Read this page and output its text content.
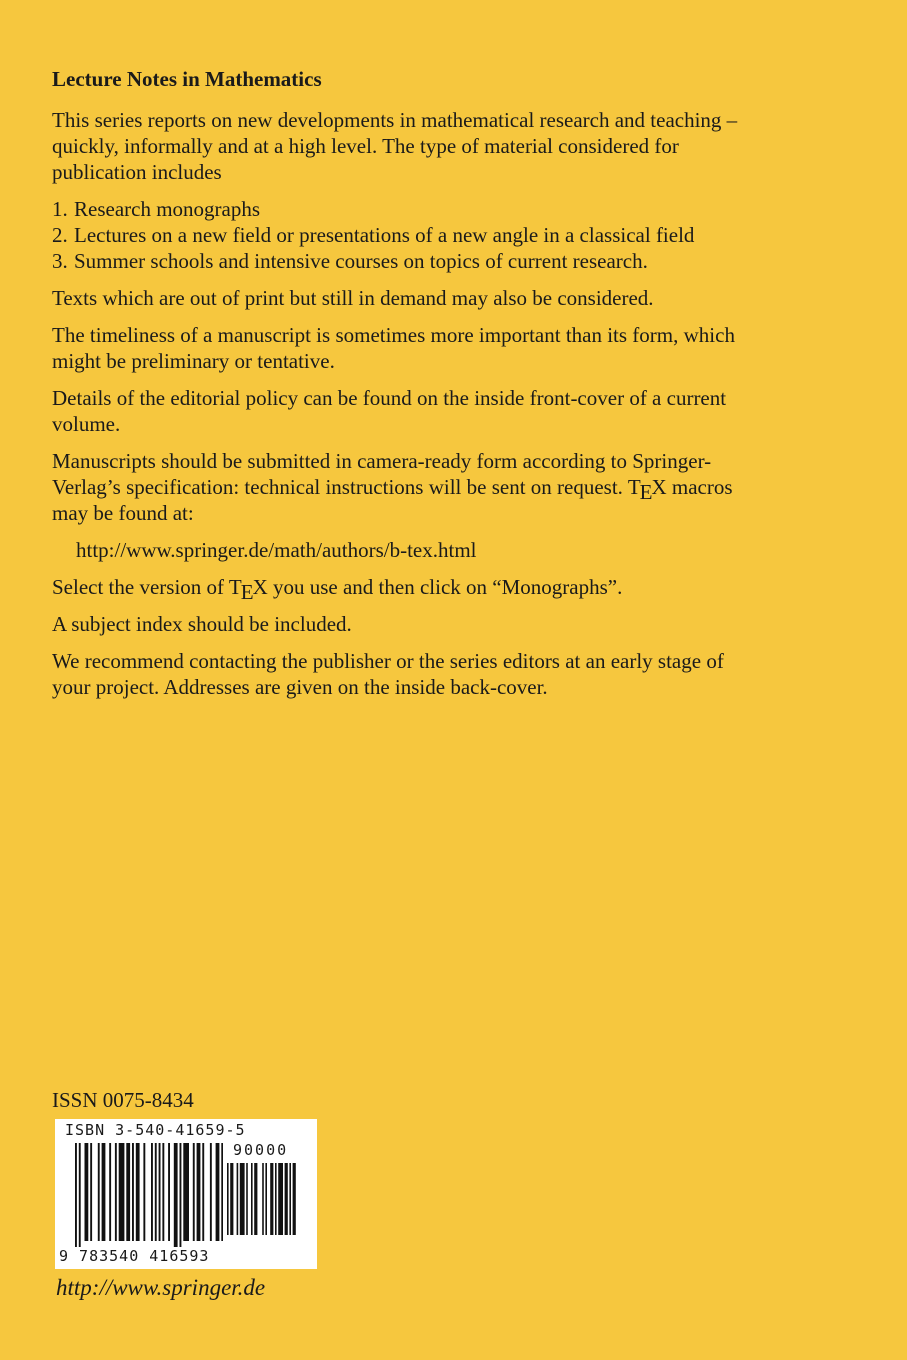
Lecture Notes in Mathematics

This series reports on new developments in mathematical research and teaching – quickly, informally and at a high level. The type of material considered for publication includes

1. Research monographs
2. Lectures on a new field or presentations of a new angle in a classical field
3. Summer schools and intensive courses on topics of current research.

Texts which are out of print but still in demand may also be considered.

The timeliness of a manuscript is sometimes more important than its form, which might be preliminary or tentative.

Details of the editorial policy can be found on the inside front-cover of a current volume.

Manuscripts should be submitted in camera-ready form according to Springer-Verlag’s specification: technical instructions will be sent on request. TEX macros may be found at:

http://www.springer.de/math/authors/b-tex.html

Select the version of TEX you use and then click on “Monographs”.

A subject index should be included.

We recommend contacting the publisher or the series editors at an early stage of your project. Addresses are given on the inside back-cover.

ISSN 0075-8434
ISBN 3-540-41659-5
90000
9 783540 416593
http://www.springer.de
